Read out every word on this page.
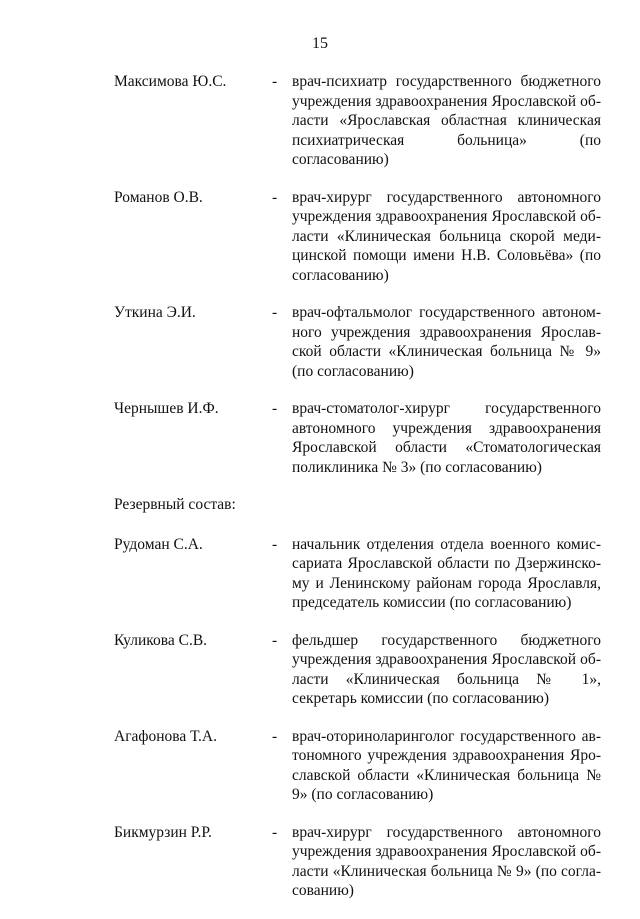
15
Максимова Ю.С.	- врач-психиатр государственного бюджетного учреждения здравоохранения Ярославской области «Ярославская областная клиническая психиатрическая больница» (по согласованию)
Романов О.В.	- врач-хирург государственного автономного учреждения здравоохранения Ярославской области «Клиническая больница скорой медицинской помощи имени Н.В. Соловьёва» (по согласованию)
Уткина Э.И.	- врач-офтальмолог государственного автономного учреждения здравоохранения Ярославской области «Клиническая больница № 9» (по согласованию)
Чернышев И.Ф.	- врач-стоматолог-хирург государственного автономного учреждения здравоохранения Ярославской области «Стоматологическая поликлиника № 3» (по согласованию)
Резервный состав:
Рудоман С.А.	- начальник отделения отдела военного комиссариата Ярославской области по Дзержинскому и Ленинскому районам города Ярославля, председатель комиссии (по согласованию)
Куликова С.В.	- фельдшер государственного бюджетного учреждения здравоохранения Ярославской области «Клиническая больница № 1», секретарь комиссии (по согласованию)
Агафонова Т.А.	- врач-оториноларинголог государственного автономного учреждения здравоохранения Ярославской области «Клиническая больница № 9» (по согласованию)
Бикмурзин Р.Р.	- врач-хирург государственного автономного учреждения здравоохранения Ярославской области «Клиническая больница № 9» (по согласованию)
